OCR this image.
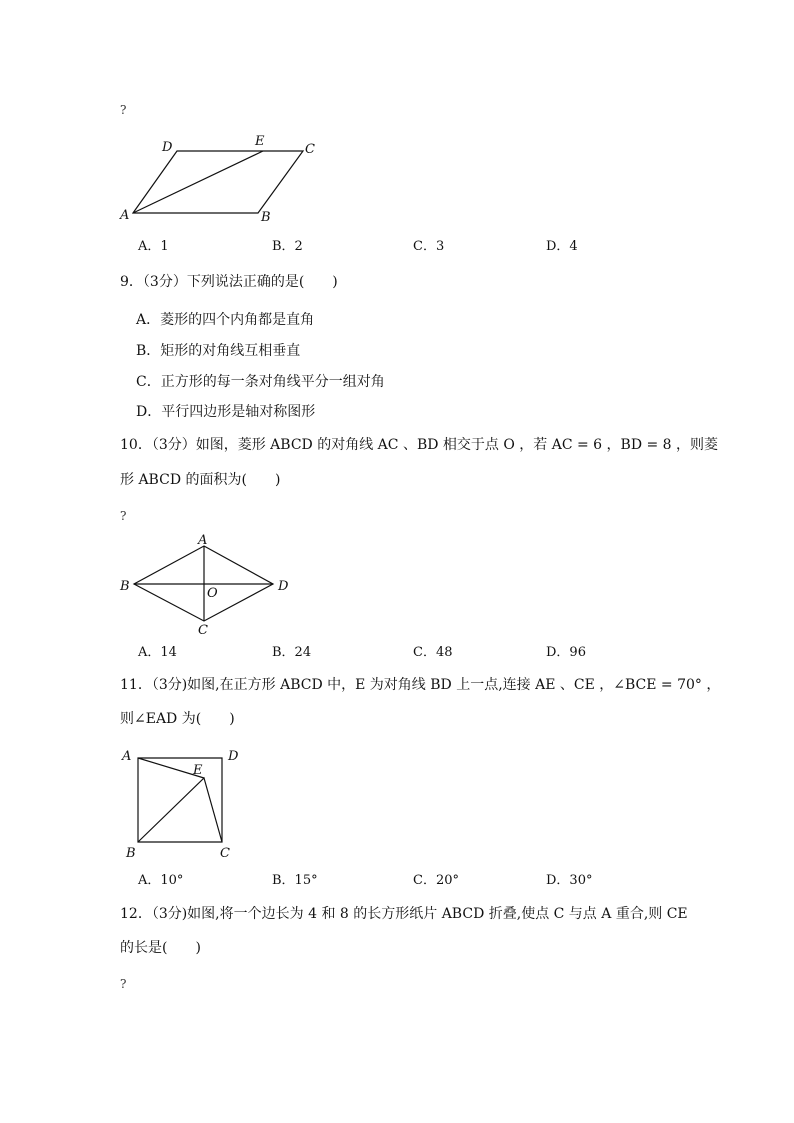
?
A	B
C
D	E
A．1	B．2	C．3	D．4
9．（3分）下列说法正确的是(　　)
A．菱形的四个内角都是直角
B．矩形的对角线互相垂直
C．正方形的每一条对角线平分一组对角
D．平行四边形是轴对称图形
10．（3分）如图，菱形 ABCD 的对角线 AC 、BD 相交于点 O ，若 AC = 6 ，BD = 8 ，则菱
形 ABCD 的面积为(　　)
?
A
B
C
D
O
A．14	B．24	C．48	D．96
11．（3分)如图,在正方形 ABCD 中，E 为对角线 BD 上一点,连接 AE 、CE ，∠BCE = 70° ，
则∠EAD 为(　　)
A
B	C
D
E
A．10°	B．15°	C．20°	D．30°
12．（3分)如图,将一个边长为 4 和 8 的长方形纸片 ABCD 折叠,使点 C 与点 A 重合,则 CE
的长是(　　)
?
